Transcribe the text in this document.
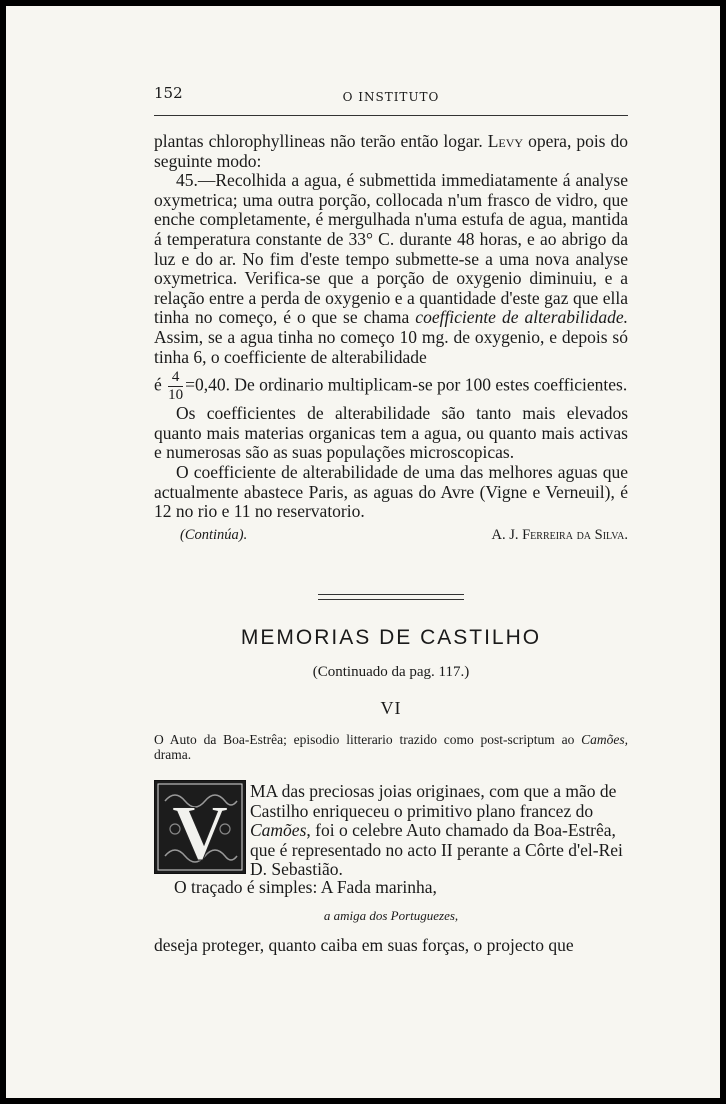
152	O INSTITUTO

plantas chlorophyllineas não terão então logar. Levy opera, pois do seguinte modo:

45.—Recolhida a agua, é submettida immediatamente á analyse oxymetrica; uma outra porção, collocada n'um frasco de vidro, que enche completamente, é mergulhada n'uma estufa de agua, mantida á temperatura constante de 33° C. durante 48 horas, e ao abrigo da luz e do ar. No fim d'este tempo submette-se a uma nova analyse oxymetrica. Verifica-se que a porção de oxygenio diminuiu, e a relação entre a perda de oxygenio e a quantidade d'este gaz que ella tinha no começo, é o que se chama coefficiente de alterabilidade. Assim, se a agua tinha no começo 10 mg. de oxygenio, e depois só tinha 6, o coefficiente de alterabilidade

é $\frac{4}{10} =0,40$. De ordinario multiplicam-se por 100 estes coefficientes.

Os coefficientes de alterabilidade são tanto mais elevados quanto mais materias organicas tem a agua, ou quanto mais activas e numerosas são as suas populações microscopicas.

O coefficiente de alterabilidade de uma das melhores aguas que actualmente abastece Paris, as aguas do Avre (Vigne e Verneuil), é 12 no rio e 11 no reservatorio.

(Continúa).	A. J. Ferreira da Silva.

MEMORIAS DE CASTILHO
(Continuado da pag. 117.)
VI
O Auto da Boa-Estrêa; episodio litterario trazido como post-scriptum ao Camões, drama.
V MA das preciosas joias originaes, com que a mão de Castilho enriqueceu o primitivo plano francez do Camões, foi o celebre Auto chamado da Boa-Estrêa, que é representado no acto II perante a Côrte d'el-Rei D. Sebastião.
O traçado é simples: A Fada marinha,
a amiga dos Portuguezes,
deseja proteger, quanto caiba em suas forças, o projecto que
